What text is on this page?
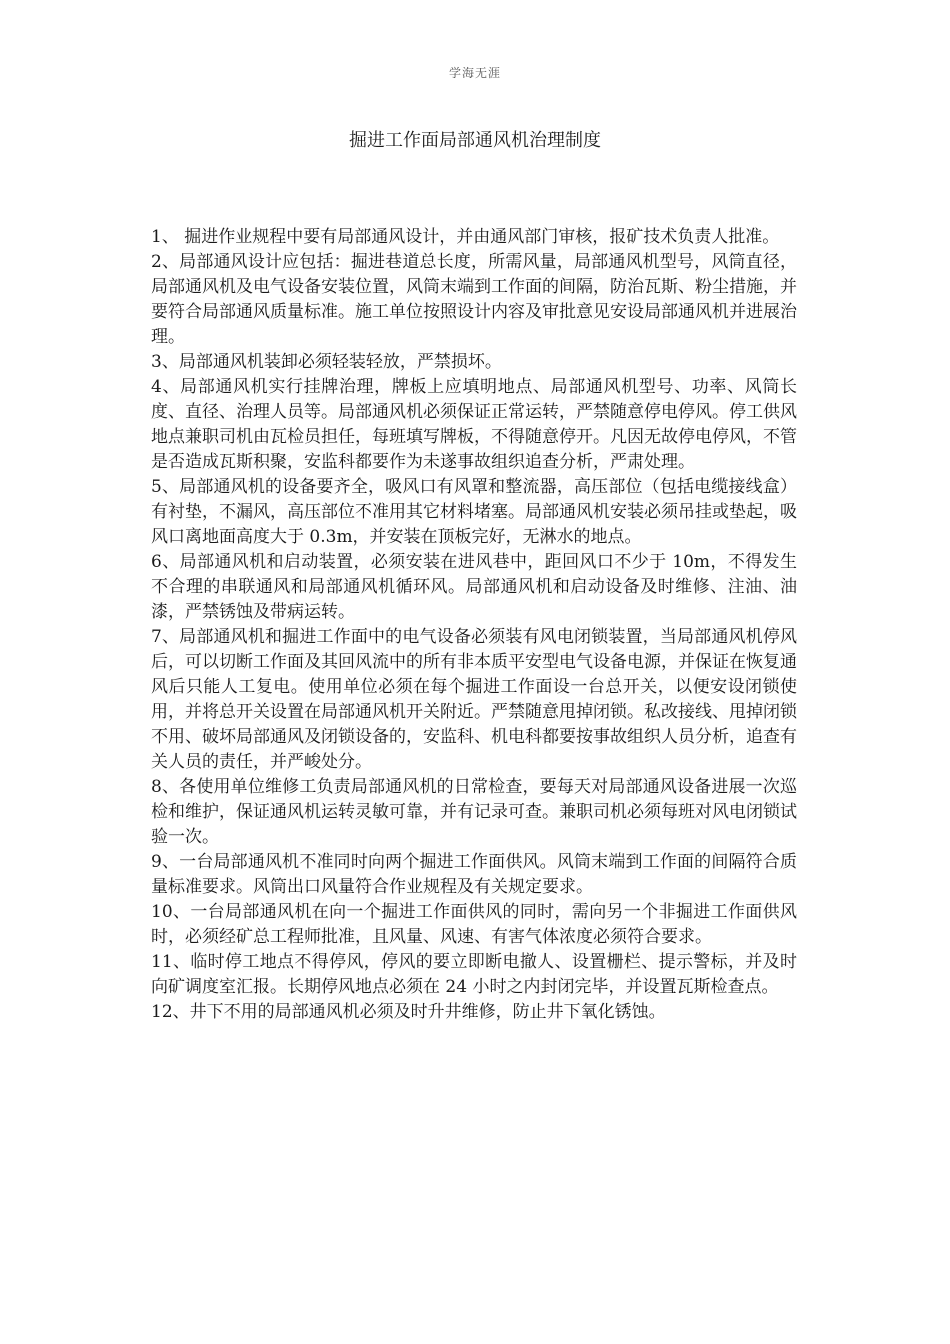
学海无涯
掘进工作面局部通风机治理制度

1、 掘进作业规程中要有局部通风设计，并由通风部门审核，报矿技术负责人批准。

2、局部通风设计应包括：掘进巷道总长度，所需风量，局部通风机型号，风筒直径，局部通风机及电气设备安装位置，风筒末端到工作面的间隔，防治瓦斯、粉尘措施，并要符合局部通风质量标准。施工单位按照设计内容及审批意见安设局部通风机并进展治理。

3、局部通风机装卸必须轻装轻放，严禁损坏。

4、局部通风机实行挂牌治理，牌板上应填明地点、局部通风机型号、功率、风筒长度、直径、治理人员等。局部通风机必须保证正常运转，严禁随意停电停风。停工供风地点兼职司机由瓦检员担任，每班填写牌板，不得随意停开。凡因无故停电停风，不管是否造成瓦斯积聚，安监科都要作为未遂事故组织追查分析，严肃处理。

5、局部通风机的设备要齐全，吸风口有风罩和整流器，高压部位（包括电缆接线盒）有衬垫，不漏风，高压部位不准用其它材料堵塞。局部通风机安装必须吊挂或垫起，吸风口离地面高度大于 0.3m，并安装在顶板完好，无淋水的地点。

6、局部通风机和启动装置，必须安装在进风巷中，距回风口不少于 10m，不得发生不合理的串联通风和局部通风机循环风。局部通风机和启动设备及时维修、注油、油漆，严禁锈蚀及带病运转。

7、局部通风机和掘进工作面中的电气设备必须装有风电闭锁装置，当局部通风机停风后，可以切断工作面及其回风流中的所有非本质平安型电气设备电源，并保证在恢复通风后只能人工复电。使用单位必须在每个掘进工作面设一台总开关，以便安设闭锁使用，并将总开关设置在局部通风机开关附近。严禁随意甩掉闭锁。私改接线、甩掉闭锁不用、破坏局部通风及闭锁设备的，安监科、机电科都要按事故组织人员分析，追查有关人员的责任，并严峻处分。

8、各使用单位维修工负责局部通风机的日常检查，要每天对局部通风设备进展一次巡检和维护，保证通风机运转灵敏可靠，并有记录可查。兼职司机必须每班对风电闭锁试验一次。

9、一台局部通风机不准同时向两个掘进工作面供风。风筒末端到工作面的间隔符合质量标准要求。风筒出口风量符合作业规程及有关规定要求。

10、一台局部通风机在向一个掘进工作面供风的同时，需向另一个非掘进工作面供风时，必须经矿总工程师批准，且风量、风速、有害气体浓度必须符合要求。

11、临时停工地点不得停风，停风的要立即断电撤人、设置栅栏、提示警标，并及时向矿调度室汇报。长期停风地点必须在 24 小时之内封闭完毕，并设置瓦斯检查点。

12、井下不用的局部通风机必须及时升井维修，防止井下氧化锈蚀。
